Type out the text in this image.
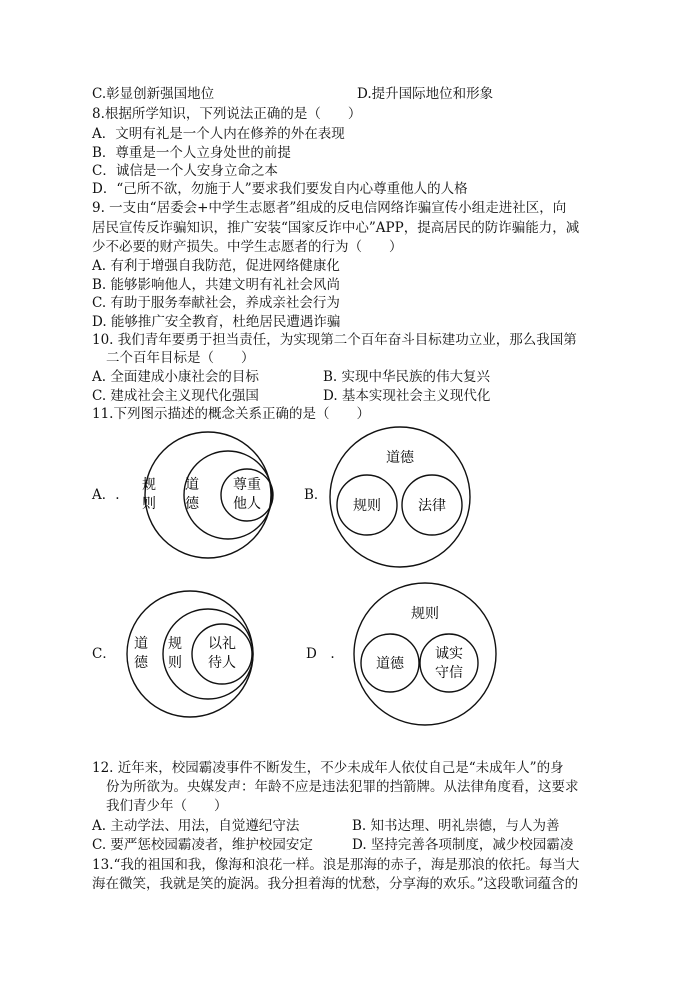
C.彰显创新强国地位	D.提升国际地位和形象
8.根据所学知识，下列说法正确的是（　　）
A．文明有礼是一个人内在修养的外在表现
B．尊重是一个人立身处世的前提
C．诚信是一个人安身立命之本
D．“己所不欲，勿施于人”要求我们要发自内心尊重他人的人格
9. 一支由“居委会+中学生志愿者”组成的反电信网络诈骗宣传小组走进社区，向
居民宣传反诈骗知识，推广安装“国家反诈中心”APP，提高居民的防诈骗能力，减
少不必要的财产损失。中学生志愿者的行为（　　）
A. 有利于增强自我防范，促进网络健康化
B. 能够影响他人，共建文明有礼社会风尚
C. 有助于服务奉献社会，养成亲社会行为
D. 能够推广安全教育，杜绝居民遭遇诈骗
10. 我们青年要勇于担当责任，为实现第二个百年奋斗目标建功立业，那么我国第
二个百年目标是（　　）
A. 全面建成小康社会的目标	B. 实现中华民族的伟大复兴
C. 建成社会主义现代化强国	D. 基本实现社会主义现代化
11.下列图示描述的概念关系正确的是（　　）
A．.
规
则
道
德
尊重
他人
B．
道德
规则	法律
C．
道
德
规
则
以礼
待人
D　.
规则
道德
诚实
守信
12. 近年来，校园霸凌事件不断发生，不少未成年人依仗自己是“未成年人”的身
份为所欲为。央媒发声：年龄不应是违法犯罪的挡箭牌。从法律角度看，这要求
我们青少年（　　）
A. 主动学法、用法，自觉遵纪守法	B. 知书达理、明礼崇德，与人为善
C. 要严惩校园霸凌者，维护校园安定	D. 坚持完善各项制度，减少校园霸凌
13.“我的祖国和我，像海和浪花一样。浪是那海的赤子，海是那浪的依托。每当大
海在微笑，我就是笑的旋涡。我分担着海的忧愁，分享海的欢乐。”这段歌词蕴含的
